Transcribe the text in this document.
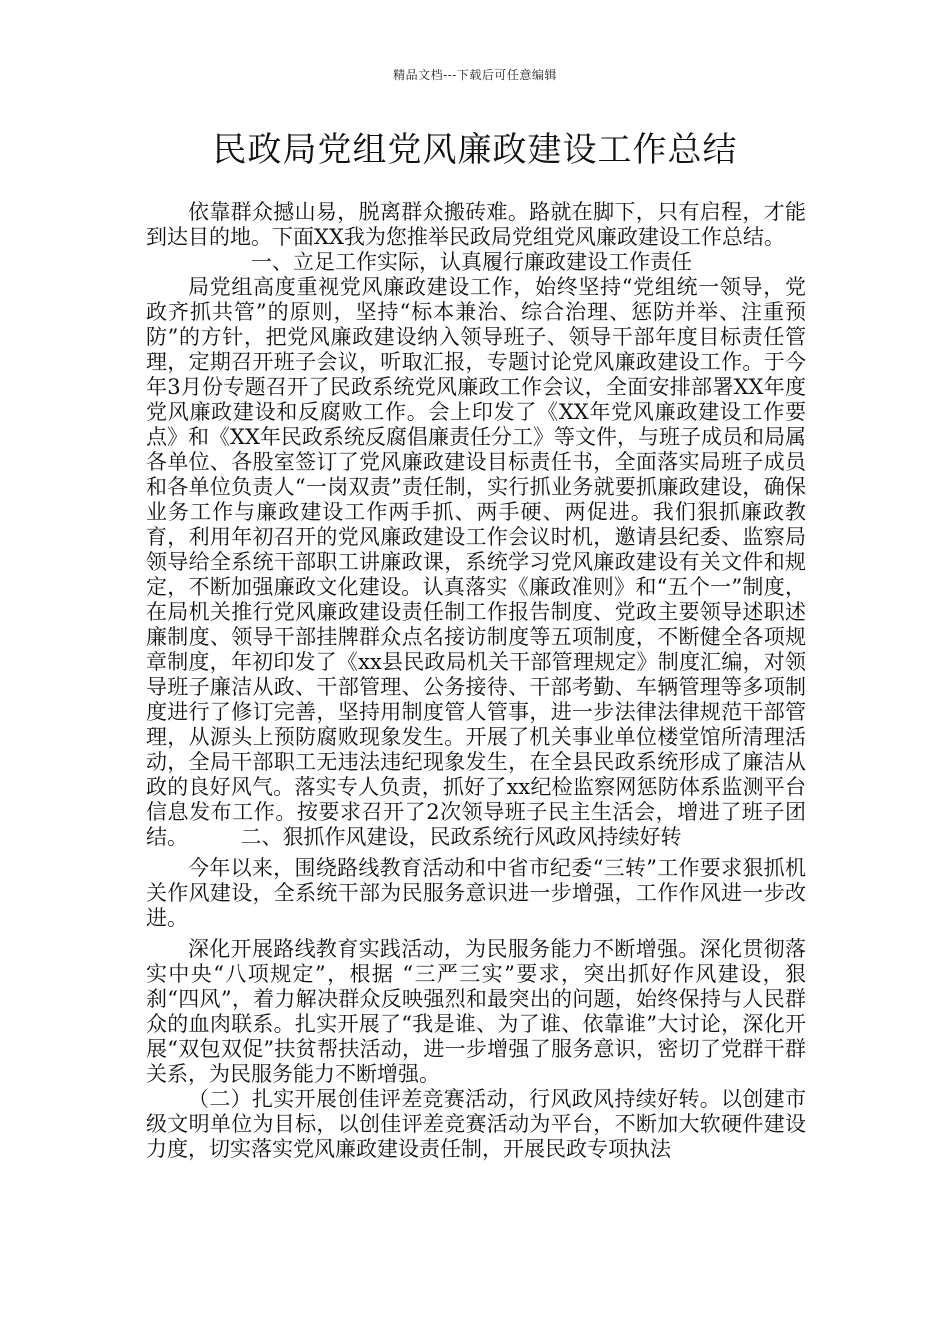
精品文档---下载后可任意编辑
民政局党组党风廉政建设工作总结

依靠群众撼山易，脱离群众搬砖难。路就在脚下，只有启程，才能到达目的地。下面XX我为您推举民政局党组党风廉政建设工作总结。

一、立足工作实际，认真履行廉政建设工作责任

局党组高度重视党风廉政建设工作，始终坚持“党组统一领导，党政齐抓共管”的原则，坚持“标本兼治、综合治理、惩防并举、注重预防”的方针，把党风廉政建设纳入领导班子、领导干部年度目标责任管理，定期召开班子会议，听取汇报，专题讨论党风廉政建设工作。于今年3月份专题召开了民政系统党风廉政工作会议，全面安排部署XX年度党风廉政建设和反腐败工作。会上印发了《XX年党风廉政建设工作要点》和《XX年民政系统反腐倡廉责任分工》等文件，与班子成员和局属各单位、各股室签订了党风廉政建设目标责任书，全面落实局班子成员和各单位负责人“一岗双责”责任制，实行抓业务就要抓廉政建设，确保业务工作与廉政建设工作两手抓、两手硬、两促进。我们狠抓廉政教育，利用年初召开的党风廉政建设工作会议时机，邀请县纪委、监察局领导给全系统干部职工讲廉政课，系统学习党风廉政建设有关文件和规定，不断加强廉政文化建设。认真落实《廉政准则》和“五个一”制度，在局机关推行党风廉政建设责任制工作报告制度、党政主要领导述职述廉制度、领导干部挂牌群众点名接访制度等五项制度，不断健全各项规章制度，年初印发了《xx县民政局机关干部管理规定》制度汇编，对领导班子廉洁从政、干部管理、公务接待、干部考勤、车辆管理等多项制度进行了修订完善，坚持用制度管人管事，进一步法律法律规范干部管理，从源头上预防腐败现象发生。开展了机关事业单位楼堂馆所清理活动，全局干部职工无违法违纪现象发生，在全县民政系统形成了廉洁从政的良好风气。落实专人负责，抓好了xx纪检监察网惩防体系监测平台信息发布工作。按要求召开了2次领导班子民主生活会，增进了班子团结。　　　二、狠抓作风建设，民政系统行风政风持续好转

今年以来，围绕路线教育活动和中省市纪委“三转”工作要求狠抓机关作风建设，全系统干部为民服务意识进一步增强，工作作风进一步改进。

深化开展路线教育实践活动，为民服务能力不断增强。深化贯彻落实中央“八项规定”，根据 “三严三实”要求，突出抓好作风建设，狠刹“四风”，着力解决群众反映强烈和最突出的问题，始终保持与人民群众的血肉联系。扎实开展了“我是谁、为了谁、依靠谁”大讨论，深化开展“双包双促”扶贫帮扶活动，进一步增强了服务意识，密切了党群干群关系，为民服务能力不断增强。

（二）扎实开展创佳评差竞赛活动，行风政风持续好转。以创建市级文明单位为目标，以创佳评差竞赛活动为平台，不断加大软硬件建设力度，切实落实党风廉政建设责任制，开展民政专项执法
